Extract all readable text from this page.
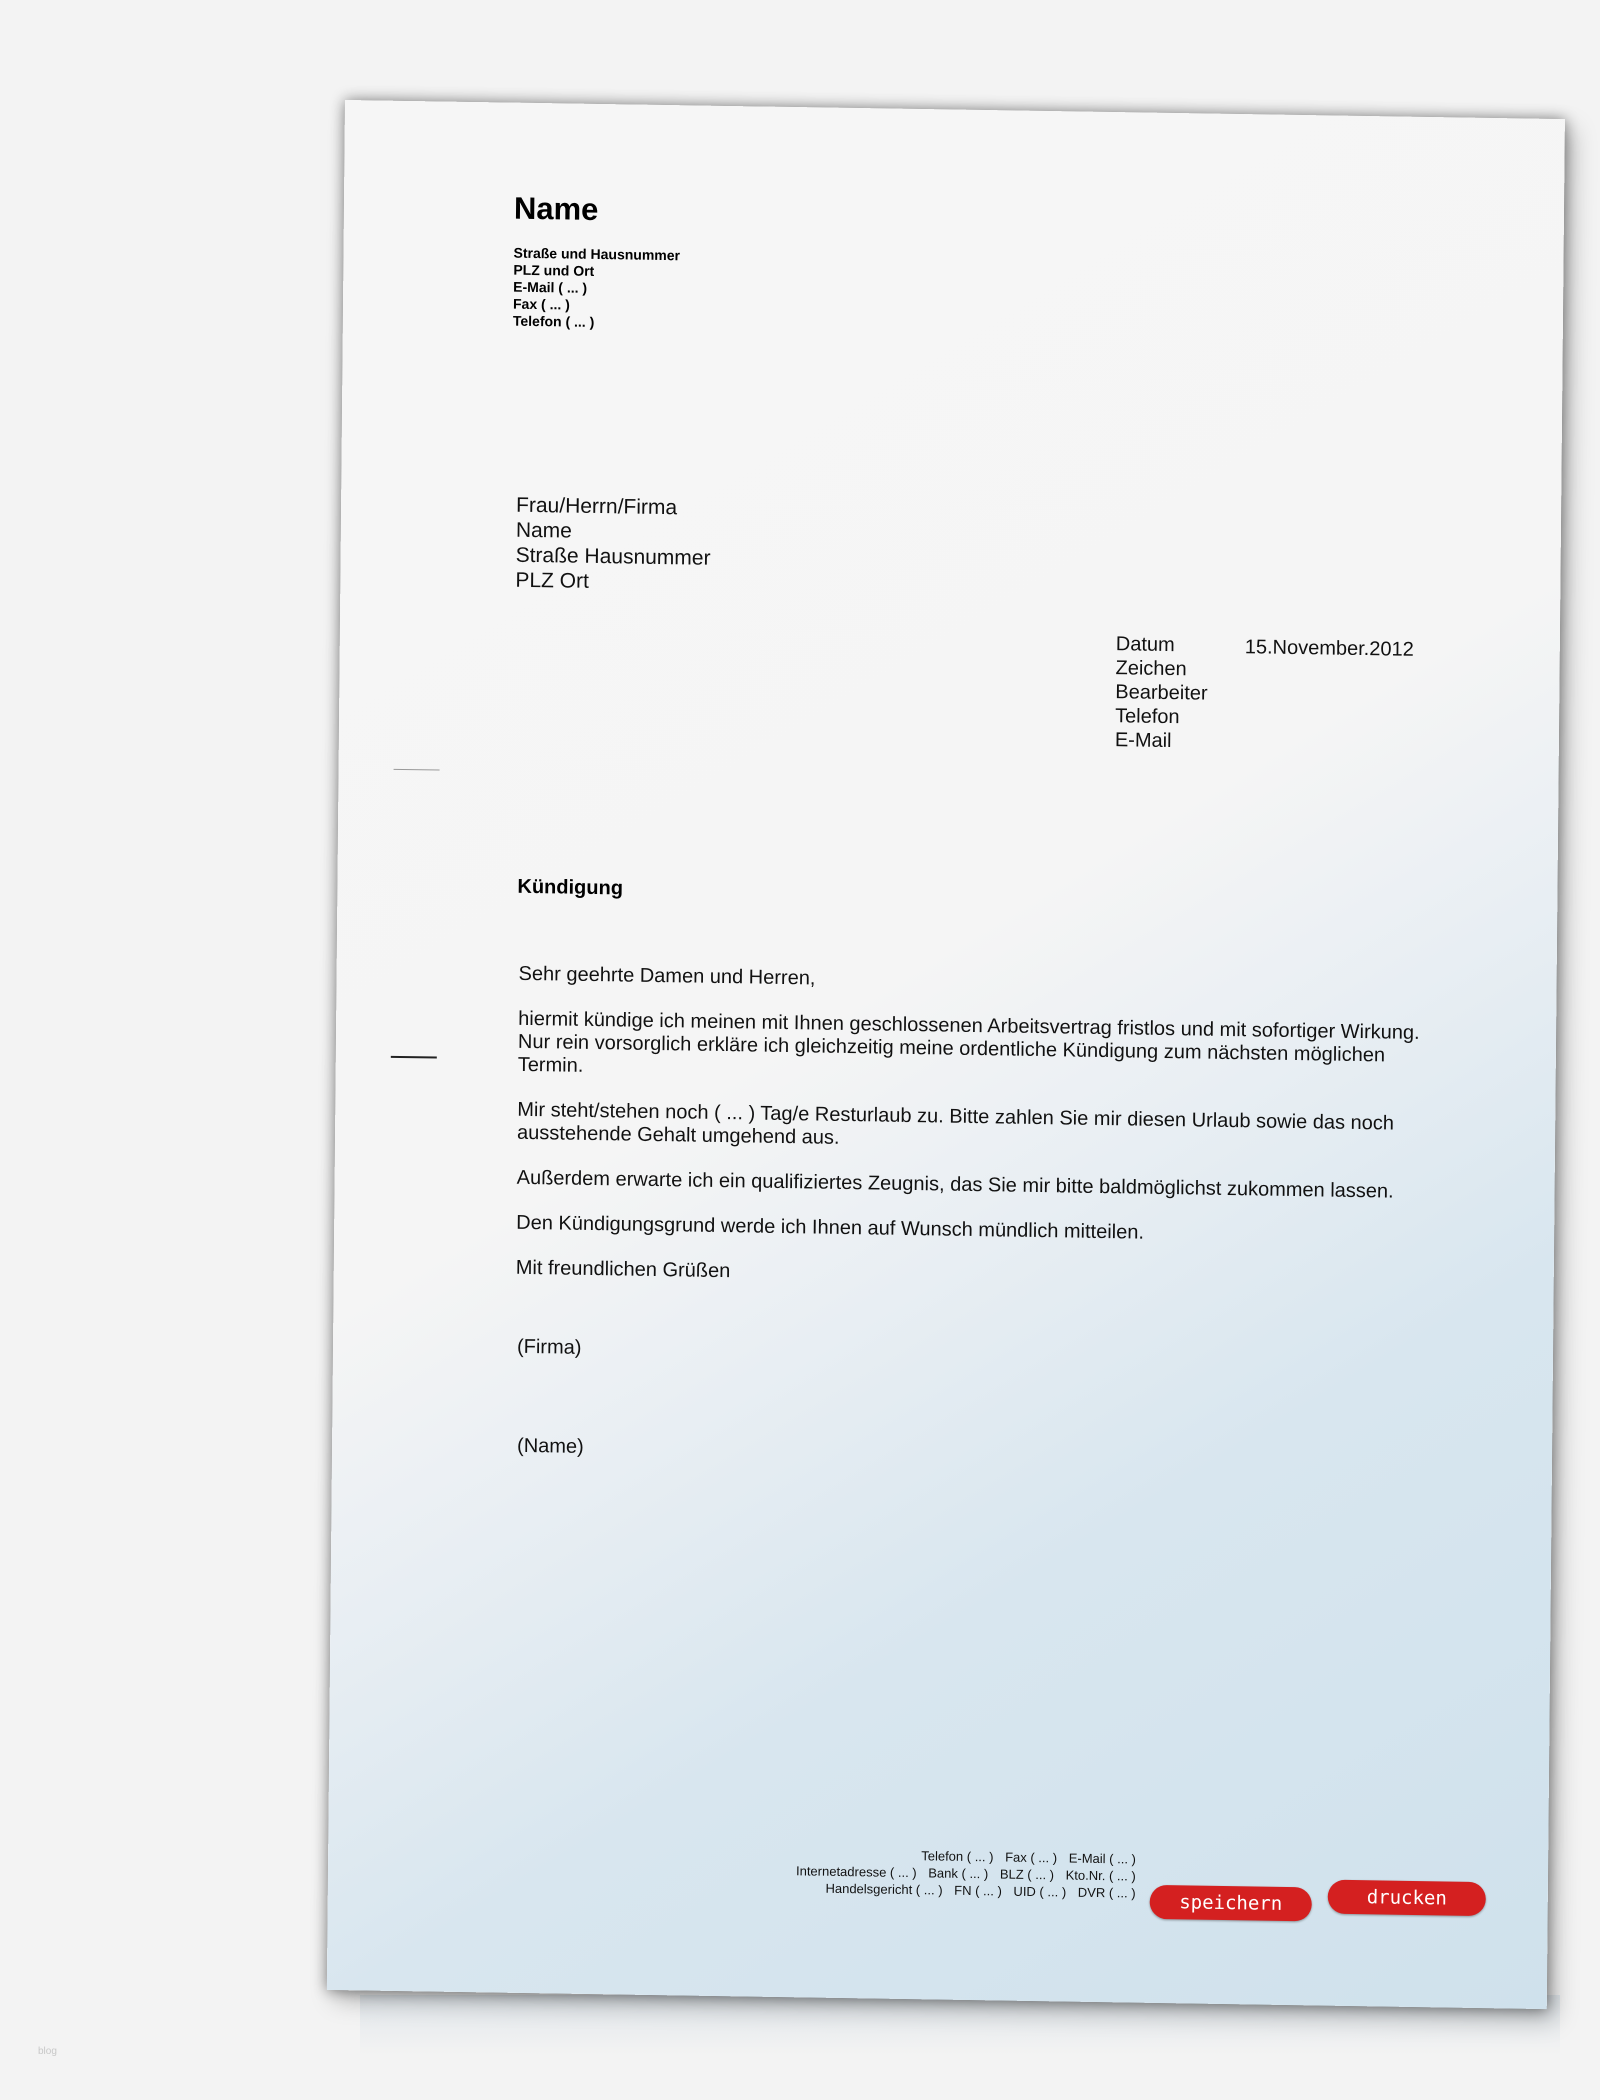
Name
Straße und Hausnummer
PLZ und Ort
E-Mail ( ... )
Fax ( ... )
Telefon ( ... )
Frau/Herrn/Firma
Name
Straße Hausnummer
PLZ Ort
Datum
Zeichen
Bearbeiter
Telefon
E-Mail
15.November.2012
Kündigung

Sehr geehrte Damen und Herren,

hiermit kündige ich meinen mit Ihnen geschlossenen Arbeitsvertrag fristlos und mit sofortiger Wirkung. Nur rein vorsorglich erkläre ich gleichzeitig meine ordentliche Kündigung zum nächsten möglichen Termin.

Mir steht/stehen noch ( ... ) Tag/e Resturlaub zu. Bitte zahlen Sie mir diesen Urlaub sowie das noch ausstehende Gehalt umgehend aus.

Außerdem erwarte ich ein qualifiziertes Zeugnis, das Sie mir bitte baldmöglichst zukommen lassen.

Den Kündigungsgrund werde ich Ihnen auf Wunsch mündlich mitteilen.

Mit freundlichen Grüßen

(Firma)
(Name)
Telefon ( ... ) Fax ( ... ) E-Mail ( ... )
Internetadresse ( ... ) Bank ( ... ) BLZ ( ... ) Kto.Nr. ( ... )
Handelsgericht ( ... ) FN ( ... ) UID ( ... ) DVR ( ... )	speichern	drucken
blog
